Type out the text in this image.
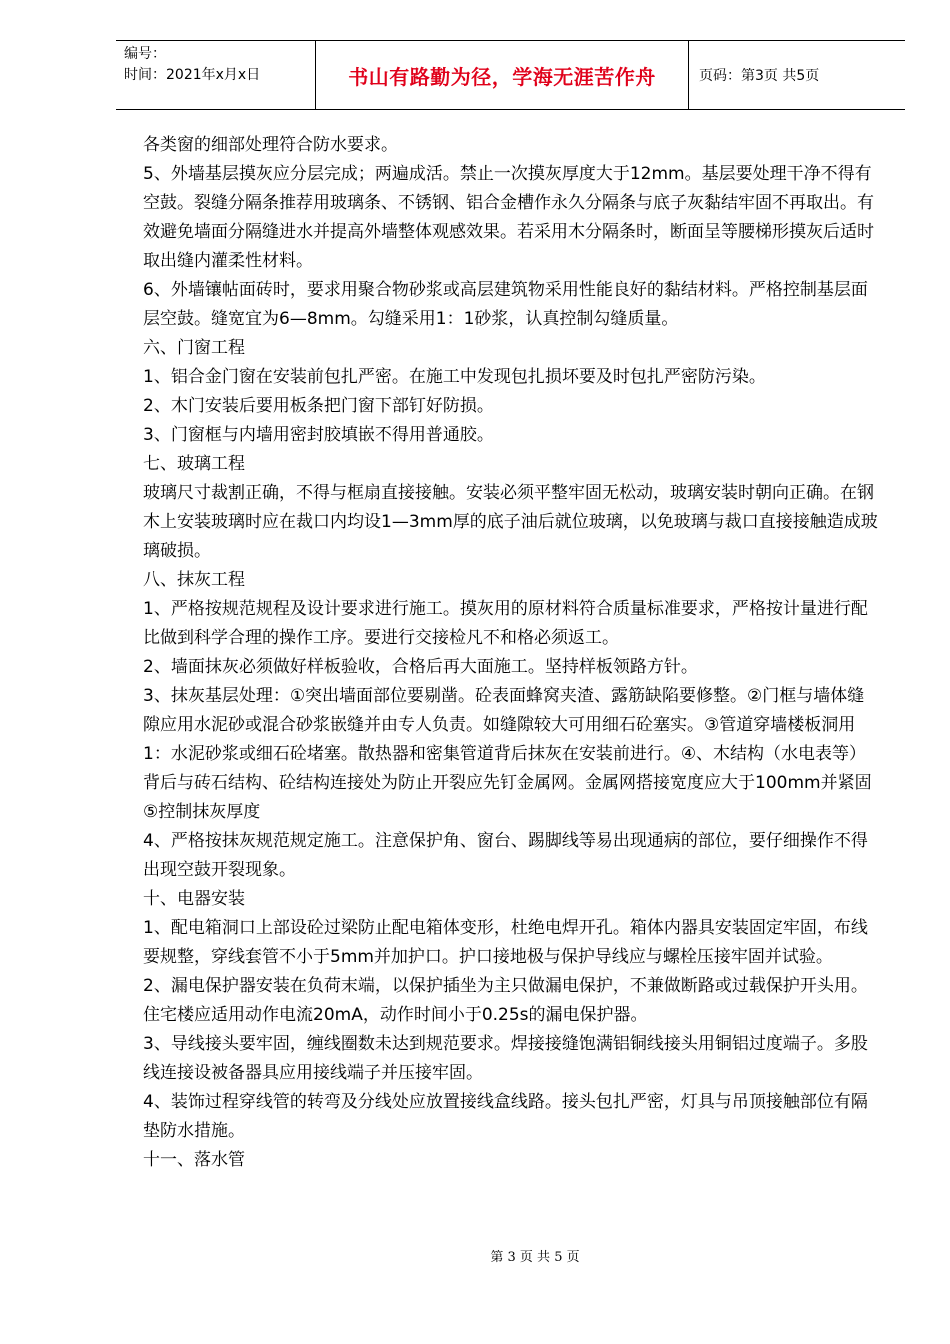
编号：
时间：2021年x月x日	书山有路勤为径，学海无涯苦作舟	页码：第3页 共5页

各类窗的细部处理符合防水要求。

5、外墙基层摸灰应分层完成；两遍成活。禁止一次摸灰厚度大于12mm。基层要处理干净不得有空鼓。裂缝分隔条推荐用玻璃条、不锈钢、铝合金槽作永久分隔条与底子灰黏结牢固不再取出。有效避免墙面分隔缝进水并提高外墙整体观感效果。若采用木分隔条时，断面呈等腰梯形摸灰后适时取出缝内灌柔性材料。

6、外墙镶帖面砖时，要求用聚合物砂浆或高层建筑物采用性能良好的黏结材料。严格控制基层面层空鼓。缝宽宜为6—8mm。勾缝采用1：1砂浆，认真控制勾缝质量。

六、门窗工程

1、铝合金门窗在安装前包扎严密。在施工中发现包扎损坏要及时包扎严密防污染。

2、木门安装后要用板条把门窗下部钉好防损。

3、门窗框与内墙用密封胶填嵌不得用普通胶。

七、玻璃工程

玻璃尺寸裁割正确，不得与框扇直接接触。安装必须平整牢固无松动，玻璃安装时朝向正确。在钢木上安装玻璃时应在裁口内均设1—3mm厚的底子油后就位玻璃，以免玻璃与裁口直接接触造成玻

璃破损。

八、抹灰工程

1、严格按规范规程及设计要求进行施工。摸灰用的原材料符合质量标准要求，严格按计量进行配比做到科学合理的操作工序。要进行交接检凡不和格必须返工。

2、墙面抹灰必须做好样板验收，合格后再大面施工。坚持样板领路方针。

3、抹灰基层处理：①突出墙面部位要剔凿。砼表面蜂窝夹渣、露筋缺陷要修整。②门框与墙体缝隙应用水泥砂或混合砂浆嵌缝并由专人负责。如缝隙较大可用细石砼塞实。③管道穿墙楼板洞用1：水泥砂浆或细石砼堵塞。散热器和密集管道背后抹灰在安装前进行。④、木结构（水电表等）背后与砖石结构、砼结构连接处为防止开裂应先钉金属网。金属网搭接宽度应大于100mm并紧固⑤控制抹灰厚度

4、严格按抹灰规范规定施工。注意保护角、窗台、踢脚线等易出现通病的部位，要仔细操作不得出现空鼓开裂现象。

十、电器安装

1、配电箱洞口上部设砼过梁防止配电箱体变形，杜绝电焊开孔。箱体内器具安装固定牢固，布线要规整，穿线套管不小于5mm并加护口。护口接地极与保护导线应与螺栓压接牢固并试验。

2、漏电保护器安装在负荷末端，以保护插坐为主只做漏电保护，不兼做断路或过载保护开头用。住宅楼应适用动作电流20mA，动作时间小于0.25s的漏电保护器。

3、导线接头要牢固，缠线圈数未达到规范要求。焊接接缝饱满铝铜线接头用铜铝过度端子。多股线连接设被备器具应用接线端子并压接牢固。

4、装饰过程穿线管的转弯及分线处应放置接线盒线路。接头包扎严密，灯具与吊顶接触部位有隔垫防水措施。

十一、落水管

第 3 页 共 5 页
